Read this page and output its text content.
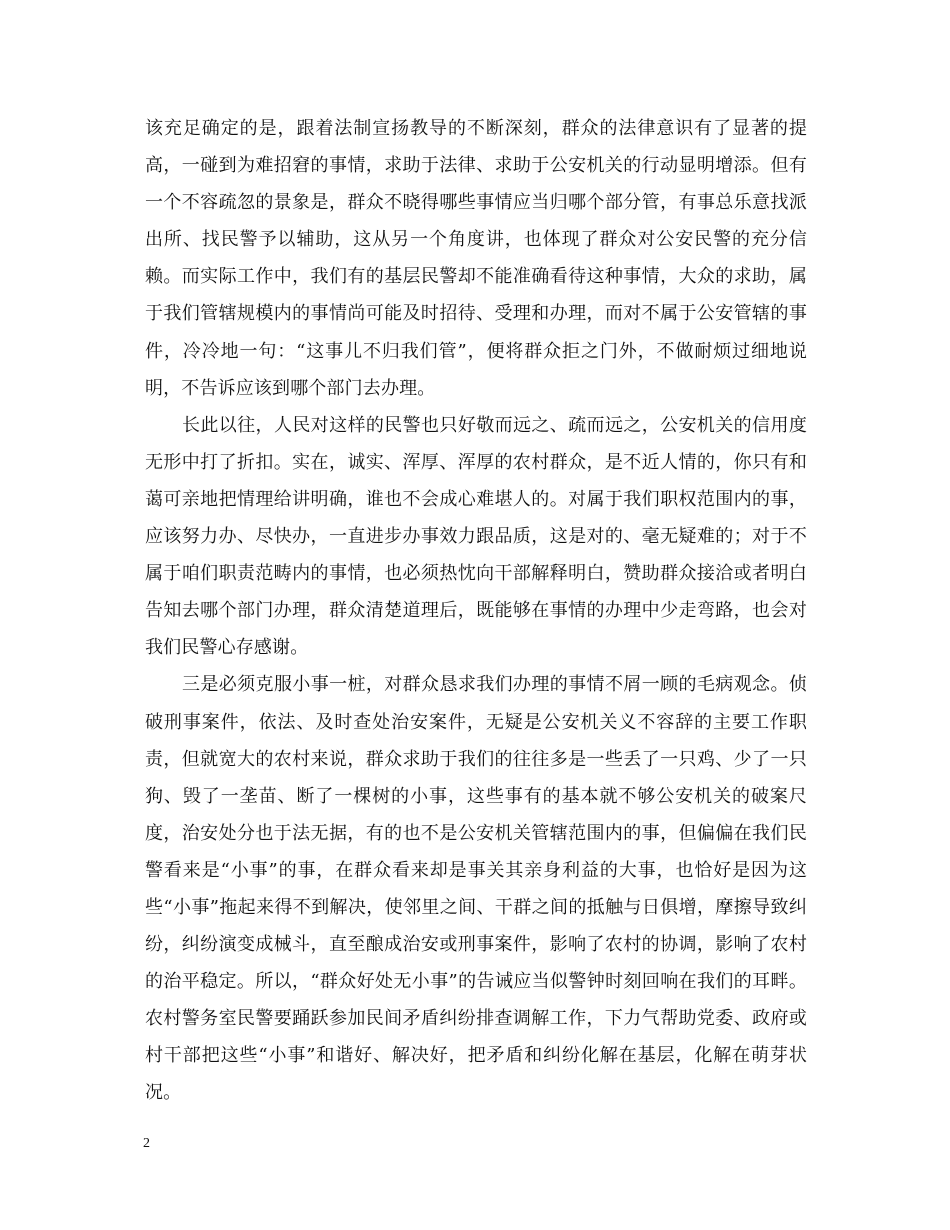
该充足确定的是，跟着法制宣扬教导的不断深刻，群众的法律意识有了显著的提高，一碰到为难招窘的事情，求助于法律、求助于公安机关的行动显明增添。但有一个不容疏忽的景象是，群众不晓得哪些事情应当归哪个部分管，有事总乐意找派出所、找民警予以辅助，这从另一个角度讲，也体现了群众对公安民警的充分信赖。而实际工作中，我们有的基层民警却不能准确看待这种事情，大众的求助，属于我们管辖规模内的事情尚可能及时招待、受理和办理，而对不属于公安管辖的事件，冷冷地一句：“这事儿不归我们管”，便将群众拒之门外，不做耐烦过细地说明，不告诉应该到哪个部门去办理。

长此以往，人民对这样的民警也只好敬而远之、疏而远之，公安机关的信用度无形中打了折扣。实在，诚实、浑厚、浑厚的农村群众，是不近人情的，你只有和蔼可亲地把情理给讲明确，谁也不会成心难堪人的。对属于我们职权范围内的事，应该努力办、尽快办，一直进步办事效力跟品质，这是对的、毫无疑难的；对于不属于咱们职责范畴内的事情，也必须热忱向干部解释明白，赞助群众接洽或者明白告知去哪个部门办理，群众清楚道理后，既能够在事情的办理中少走弯路，也会对我们民警心存感谢。

三是必须克服小事一桩，对群众恳求我们办理的事情不屑一顾的毛病观念。侦破刑事案件，依法、及时查处治安案件，无疑是公安机关义不容辞的主要工作职责，但就宽大的农村来说，群众求助于我们的往往多是一些丢了一只鸡、少了一只狗、毁了一垄苗、断了一棵树的小事，这些事有的基本就不够公安机关的破案尺度，治安处分也于法无据，有的也不是公安机关管辖范围内的事，但偏偏在我们民警看来是“小事”的事，在群众看来却是事关其亲身利益的大事，也恰好是因为这些“小事”拖起来得不到解决，使邻里之间、干群之间的抵触与日俱增，摩擦导致纠纷，纠纷演变成械斗，直至酿成治安或刑事案件，影响了农村的协调，影响了农村的治平稳定。所以，“群众好处无小事”的告诫应当似警钟时刻回响在我们的耳畔。农村警务室民警要踊跃参加民间矛盾纠纷排查调解工作，下力气帮助党委、政府或村干部把这些“小事”和谐好、解决好，把矛盾和纠纷化解在基层，化解在萌芽状况。

2
